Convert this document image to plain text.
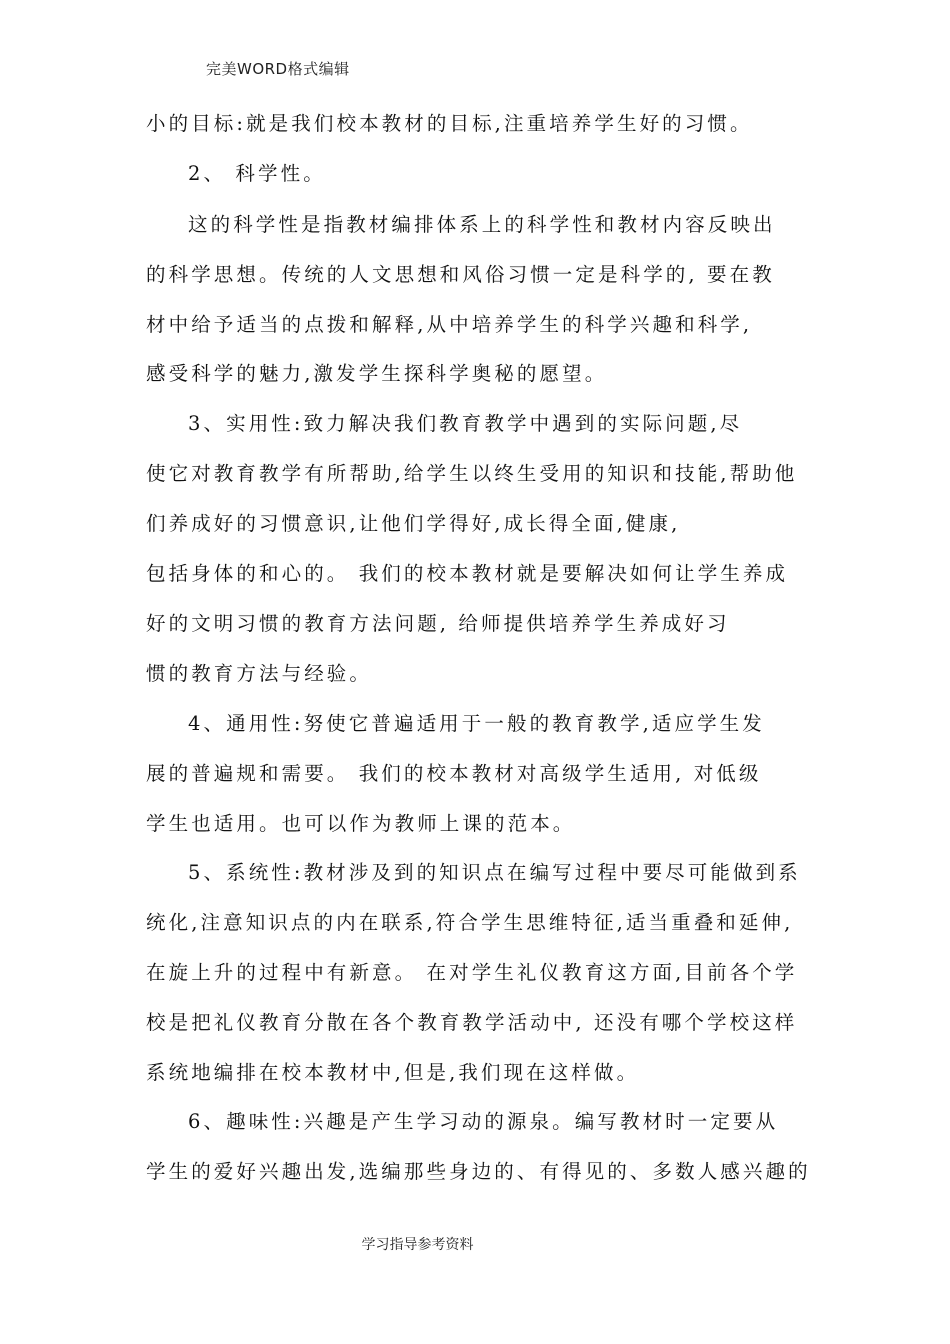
完美WORD格式编辑
小的目标:就是我们校本教材的目标,注重培养学生好的习惯。
2、 科学性。
这的科学性是指教材编排体系上的科学性和教材内容反映出
的科学思想。传统的人文思想和风俗习惯一定是科学的, 要在教
材中给予适当的点拨和解释,从中培养学生的科学兴趣和科学,
感受科学的魅力,激发学生探科学奥秘的愿望。
3、实用性:致力解决我们教育教学中遇到的实际问题,尽
使它对教育教学有所帮助,给学生以终生受用的知识和技能,帮助他
们养成好的习惯意识,让他们学得好,成长得全面,健康,
包括身体的和心的。 我们的校本教材就是要解决如何让学生养成
好的文明习惯的教育方法问题, 给师提供培养学生养成好习
惯的教育方法与经验。
4、通用性:努使它普遍适用于一般的教育教学,适应学生发
展的普遍规和需要。 我们的校本教材对高级学生适用, 对低级
学生也适用。也可以作为教师上课的范本。
5、系统性:教材涉及到的知识点在编写过程中要尽可能做到系
统化,注意知识点的内在联系,符合学生思维特征,适当重叠和延伸,
在旋上升的过程中有新意。 在对学生礼仪教育这方面,目前各个学
校是把礼仪教育分散在各个教育教学活动中, 还没有哪个学校这样
系统地编排在校本教材中,但是,我们现在这样做。
6、趣味性:兴趣是产生学习动的源泉。编写教材时一定要从
学生的爱好兴趣出发,选编那些身边的、有得见的、多数人感兴趣的
学习指导参考资料
